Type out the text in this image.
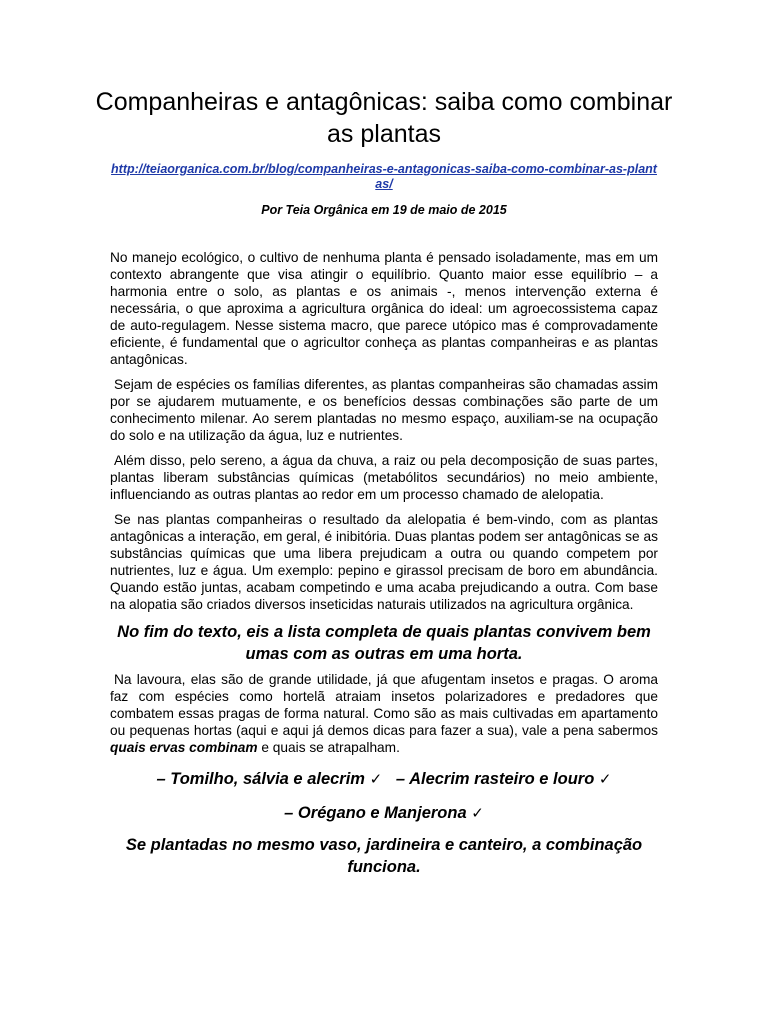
Companheiras e antagônicas: saiba como combinar as plantas
http://teiaorganica.com.br/blog/companheiras-e-antagonicas-saiba-como-combinar-as-plantas/
Por Teia Orgânica em 19 de maio de 2015

No manejo ecológico, o cultivo de nenhuma planta é pensado isoladamente, mas em um contexto abrangente que visa atingir o equilíbrio. Quanto maior esse equilíbrio – a harmonia entre o solo, as plantas e os animais -, menos intervenção externa é necessária, o que aproxima a agricultura orgânica do ideal: um agroecossistema capaz de auto-regulagem. Nesse sistema macro, que parece utópico mas é comprovadamente eficiente, é fundamental que o agricultor conheça as plantas companheiras e as plantas antagônicas.

Sejam de espécies os famílias diferentes, as plantas companheiras são chamadas assim por se ajudarem mutuamente, e os benefícios dessas combinações são parte de um conhecimento milenar. Ao serem plantadas no mesmo espaço, auxiliam-se na ocupação do solo e na utilização da água, luz e nutrientes.

Além disso, pelo sereno, a água da chuva, a raiz ou pela decomposição de suas partes, plantas liberam substâncias químicas (metabólitos secundários) no meio ambiente, influenciando as outras plantas ao redor em um processo chamado de alelopatia.

Se nas plantas companheiras o resultado da alelopatia é bem-vindo, com as plantas antagônicas a interação, em geral, é inibitória. Duas plantas podem ser antagônicas se as substâncias químicas que uma libera prejudicam a outra ou quando competem por nutrientes, luz e água. Um exemplo: pepino e girassol precisam de boro em abundância. Quando estão juntas, acabam competindo e uma acaba prejudicando a outra. Com base na alopatia são criados diversos inseticidas naturais utilizados na agricultura orgânica.

No fim do texto, eis a lista completa de quais plantas convivem bem umas com as outras em uma horta.

Na lavoura, elas são de grande utilidade, já que afugentam insetos e pragas. O aroma faz com espécies como hortelã atraiam insetos polarizadores e predadores que combatem essas pragas de forma natural. Como são as mais cultivadas em apartamento ou pequenas hortas (aqui e aqui já demos dicas para fazer a sua), vale a pena sabermos quais ervas combinam e quais se atrapalham.

– Tomilho, sálvia e alecrim ✓ – Alecrim rasteiro e louro ✓
– Orégano e Manjerona ✓
Se plantadas no mesmo vaso, jardineira e canteiro, a combinação funciona.
